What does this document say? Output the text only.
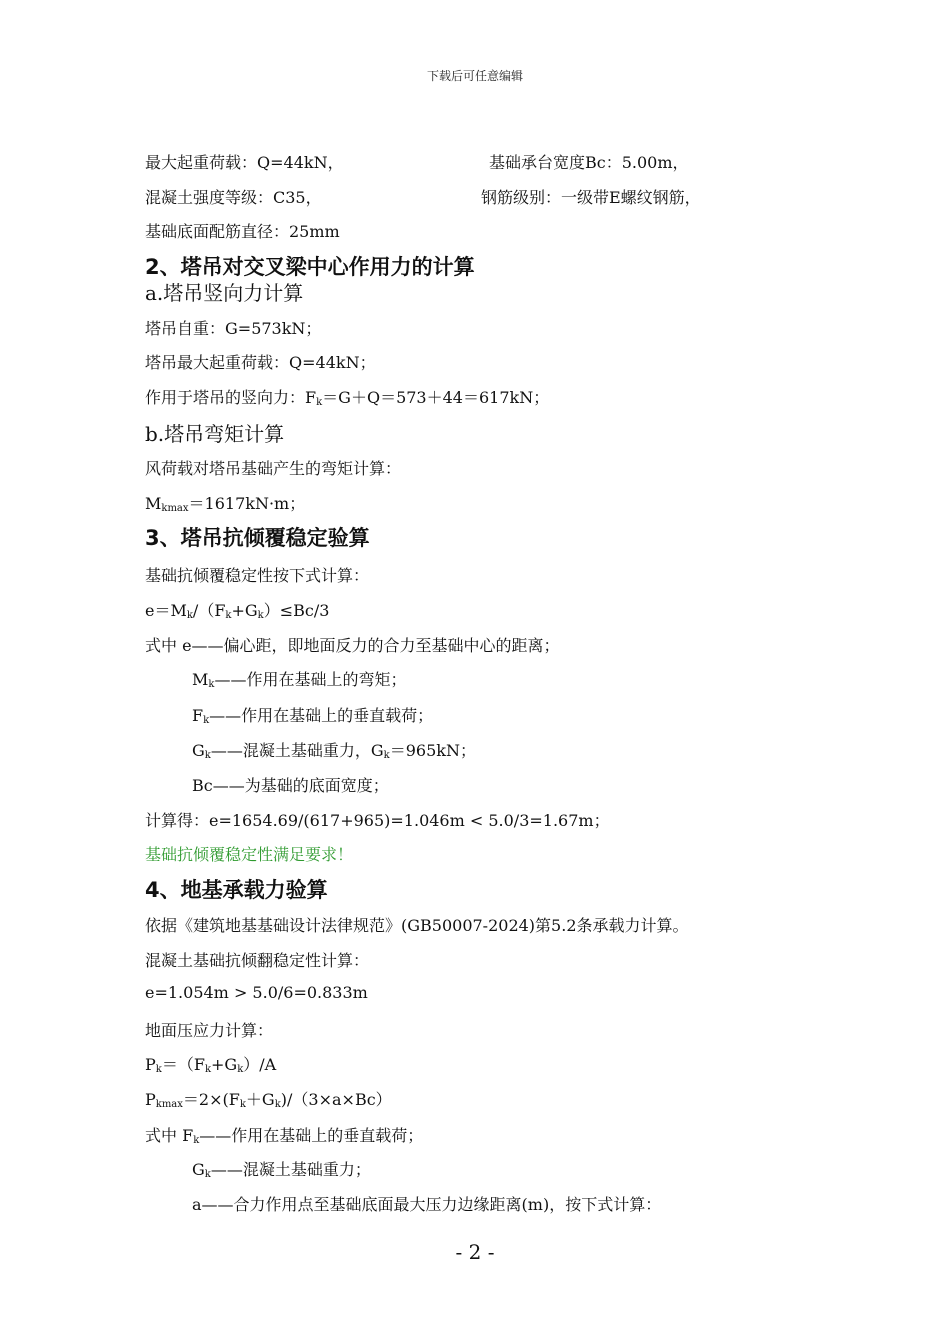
下载后可任意编辑
最大起重荷载：Q=44kN，	基础承台宽度Bc：5.00m，
混凝土强度等级：C35，	钢筋级别：一级带E螺纹钢筋，
基础底面配筋直径：25mm
2、塔吊对交叉梁中心作用力的计算
a.塔吊竖向力计算
塔吊自重：G=573kN；
塔吊最大起重荷载：Q=44kN；
作用于塔吊的竖向力：$F_k=G+Q=573+44=617kN$；
b.塔吊弯矩计算
风荷载对塔吊基础产生的弯矩计算：
$M_{kmax}=1617kN\cdot m$；
3、塔吊抗倾覆稳定验算
基础抗倾覆稳定性按下式计算：
$e=M_k/(F_k+G_k)\le Bc/3$
式中 e——偏心距，即地面反力的合力至基础中心的距离；
$M_k——$作用在基础上的弯矩；
$F_k——$作用在基础上的垂直载荷；
$G_k——$混凝土基础重力，$G_k=965kN$；
Bc——为基础的底面宽度；
计算得：e=1654.69/(617+965)=1.046m < 5.0/3=1.67m；
基础抗倾覆稳定性满足要求！
4、地基承载力验算
依据《建筑地基基础设计法律规范》(GB50007-2024)第5.2条承载力计算。
混凝土基础抗倾翻稳定性计算：
e=1.054m > 5.0/6=0.833m
地面压应力计算：
$P_k=(F_k+G_k)/A$
$P_{kmax}=2\times(F_k+G_k)/(3\times a\times Bc)$
式中 $F_k——$作用在基础上的垂直载荷；
$G_k——$混凝土基础重力；
a——合力作用点至基础底面最大压力边缘距离(m)，按下式计算：
- 2 -
